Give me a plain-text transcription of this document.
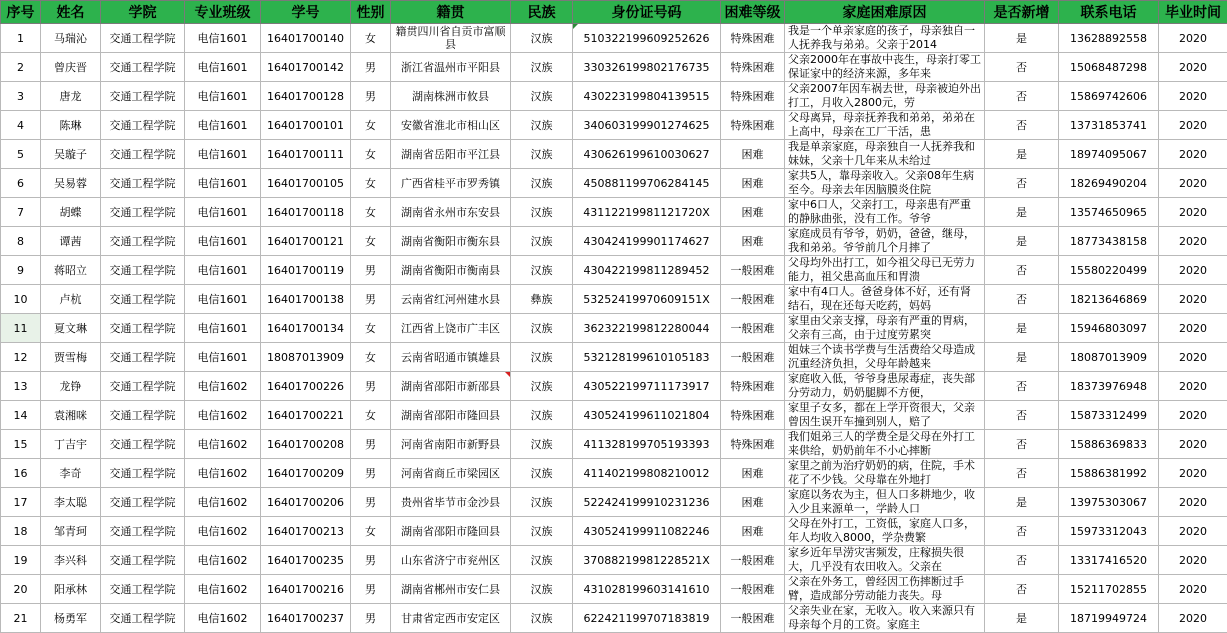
序号	姓名	学院	专业班级	学号	性别	籍贯	民族	身份证号码	困难等级	家庭困难原因	是否新增	联系电话	毕业时间
1	马瑞沁	交通工程学院	电信1601	16401700140	女	籍贯四川省自贡市富顺县	汉族	510322199609252626	特殊困难	我是一个单亲家庭的孩子，母亲独自一人抚养我与弟弟。父亲于2014	是	13628892558	2020
2	曾庆晋	交通工程学院	电信1601	16401700142	男	浙江省温州市平阳县	汉族	330326199802176735	特殊困难	父亲2000年在事故中丧生，母亲打零工保证家中的经济来源，多年来	否	15068487298	2020
3	唐龙	交通工程学院	电信1601	16401700128	男	湖南株洲市攸县	汉族	430223199804139515	特殊困难	父亲2007年因车祸去世，母亲被迫外出打工，月收入2800元，劳	否	15869742606	2020
4	陈琳	交通工程学院	电信1601	16401700101	女	安徽省淮北市相山区	汉族	340603199901274625	特殊困难	父母离异，母亲抚养我和弟弟，弟弟在上高中，母亲在工厂干活，患	否	13731853741	2020
5	吴璇子	交通工程学院	电信1601	16401700111	女	湖南省岳阳市平江县	汉族	430626199610030627	困难	我是单亲家庭，母亲独自一人抚养我和妹妹，父亲十几年来从未给过	是	18974095067	2020
6	吴易蓉	交通工程学院	电信1601	16401700105	女	广西省桂平市罗秀镇	汉族	450881199706284145	困难	家共5人，靠母亲收入。父亲08年生病至今。母亲去年因脑膜炎住院	否	18269490204	2020
7	胡蝶	交通工程学院	电信1601	16401700118	女	湖南省永州市东安县	汉族	43112219981121720X	困难	家中6口人，父亲打工，母亲患有严重的静脉曲张，没有工作。爷爷	是	13574650965	2020
8	谭茜	交通工程学院	电信1601	16401700121	女	湖南省衡阳市衡东县	汉族	430424199901174627	困难	家庭成员有爷爷，奶奶，爸爸，继母，我和弟弟。爷爷前几个月摔了	是	18773438158	2020
9	蒋昭立	交通工程学院	电信1601	16401700119	男	湖南省衡阳市衡南县	汉族	430422199811289452	一般困难	父母均外出打工，如今祖父母已无劳力能力，祖父患高血压和胃溃	否	15580220499	2020
10	卢杭	交通工程学院	电信1601	16401700138	男	云南省红河州建水县	彝族	53252419970609151X	一般困难	家中有4口人。爸爸身体不好，还有肾结石，现在还每天吃药，妈妈	否	18213646869	2020
11	夏文琳	交通工程学院	电信1601	16401700134	女	江西省上饶市广丰区	汉族	362322199812280044	一般困难	家里由父亲支撑，母亲有严重的胃病，父亲有三高，由于过度劳累突	是	15946803097	2020
12	贾雪梅	交通工程学院	电信1601	18087013909	女	云南省昭通市镇雄县	汉族	532128199610105183	一般困难	姐妹三个读书学费与生活费给父母造成沉重经济负担，父母年龄越来	是	18087013909	2020
13	龙铮	交通工程学院	电信1602	16401700226	男	湖南省邵阳市新邵县	汉族	430522199711173917	特殊困难	家庭收入低，爷爷身患尿毒症，丧失部分劳动力，奶奶腿脚不方便，	否	18373976948	2020
14	袁湘咪	交通工程学院	电信1602	16401700221	女	湖南省邵阳市隆回县	汉族	430524199611021804	特殊困难	家里子女多，都在上学开资很大，父亲曾因生误开车撞到别人，赔了	否	15873312499	2020
15	丁吉宇	交通工程学院	电信1602	16401700208	男	河南省南阳市新野县	汉族	411328199705193393	特殊困难	我们姐弟三人的学费全是父母在外打工来供给，奶奶前年不小心摔断	否	15886369833	2020
16	李奇	交通工程学院	电信1602	16401700209	男	河南省商丘市梁园区	汉族	411402199808210012	困难	家里之前为治疗奶奶的病，住院，手术花了不少钱。父母靠在外地打	否	15886381992	2020
17	李太聪	交通工程学院	电信1602	16401700206	男	贵州省毕节市金沙县	汉族	522424199910231236	困难	家庭以务农为主，但人口多耕地少，收入少且来源单一，学龄人口	是	13975303067	2020
18	邹青珂	交通工程学院	电信1602	16401700213	女	湖南省邵阳市隆回县	汉族	430524199911082246	困难	父母在外打工，工资低，家庭人口多，年人均收入8000，学杂费繁	否	15973312043	2020
19	李兴科	交通工程学院	电信1602	16401700235	男	山东省济宁市兖州区	汉族	37088219981228521X	一般困难	家乡近年旱涝灾害频发，庄稼损失很大，几乎没有农田收入。父亲在	否	13317416520	2020
20	阳承林	交通工程学院	电信1602	16401700216	男	湖南省郴州市安仁县	汉族	431028199603141610	一般困难	父亲在外务工，曾经因工伤摔断过手臂，造成部分劳动能力丧失。母	否	15211702855	2020
21	杨勇军	交通工程学院	电信1602	16401700237	男	甘肃省定西市安定区	汉族	622421199707183819	一般困难	父亲失业在家，无收入。收入来源只有母亲每个月的工资。家庭主	是	18719949724	2020
